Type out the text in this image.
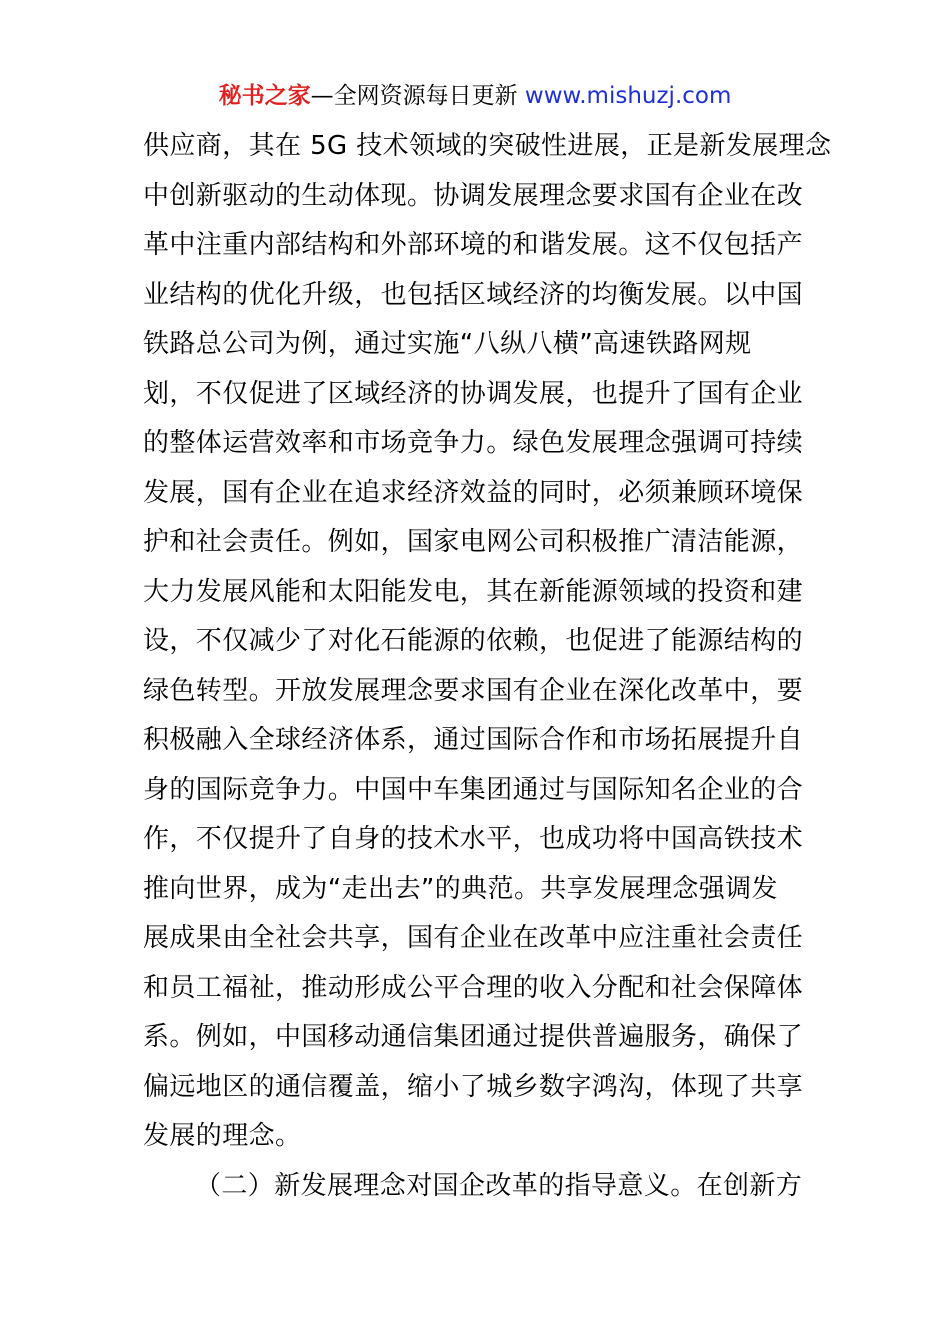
秘书之家—全网资源每日更新 www.mishuzj.com
供应商，其在 5G 技术领域的突破性进展，正是新发展理念
中创新驱动的生动体现。协调发展理念要求国有企业在改
革中注重内部结构和外部环境的和谐发展。这不仅包括产
业结构的优化升级，也包括区域经济的均衡发展。以中国
铁路总公司为例，通过实施“八纵八横”高速铁路网规
划，不仅促进了区域经济的协调发展，也提升了国有企业
的整体运营效率和市场竞争力。绿色发展理念强调可持续
发展，国有企业在追求经济效益的同时，必须兼顾环境保
护和社会责任。例如，国家电网公司积极推广清洁能源，
大力发展风能和太阳能发电，其在新能源领域的投资和建
设，不仅减少了对化石能源的依赖，也促进了能源结构的
绿色转型。开放发展理念要求国有企业在深化改革中，要
积极融入全球经济体系，通过国际合作和市场拓展提升自
身的国际竞争力。中国中车集团通过与国际知名企业的合
作，不仅提升了自身的技术水平，也成功将中国高铁技术
推向世界，成为“走出去”的典范。共享发展理念强调发
展成果由全社会共享，国有企业在改革中应注重社会责任
和员工福祉，推动形成公平合理的收入分配和社会保障体
系。例如，中国移动通信集团通过提供普遍服务，确保了
偏远地区的通信覆盖，缩小了城乡数字鸿沟，体现了共享
发展的理念。
（二）新发展理念对国企改革的指导意义。在创新方
